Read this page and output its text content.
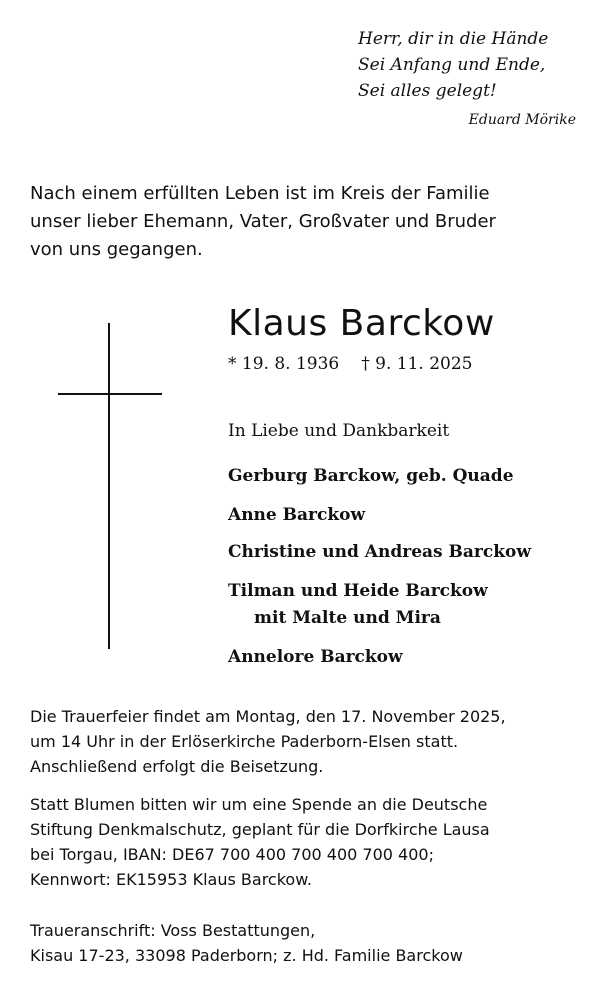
Herr, dir in die Hände
Sei Anfang und Ende,
Sei alles gelegt!
Eduard Mörike
Nach einem erfüllten Leben ist im Kreis der Familie
unser lieber Ehemann, Vater, Großvater und Bruder
von uns gegangen.
Klaus Barckow
* 19. 8. 1936 † 9. 11. 2025
In Liebe und Dankbarkeit
Gerburg Barckow, geb. Quade
Anne Barckow
Christine und Andreas Barckow
Tilman und Heide Barckow
mit Malte und Mira
Annelore Barckow
Die Trauerfeier findet am Montag, den 17. November 2025,
um 14 Uhr in der Erlöserkirche Paderborn-Elsen statt.
Anschließend erfolgt die Beisetzung.
Statt Blumen bitten wir um eine Spende an die Deutsche
Stiftung Denkmalschutz, geplant für die Dorfkirche Lausa
bei Torgau, IBAN: DE67 700 400 700 400 700 400;
Kennwort: EK15953 Klaus Barckow.
Traueranschrift: Voss Bestattungen,
Kisau 17-23, 33098 Paderborn; z. Hd. Familie Barckow
